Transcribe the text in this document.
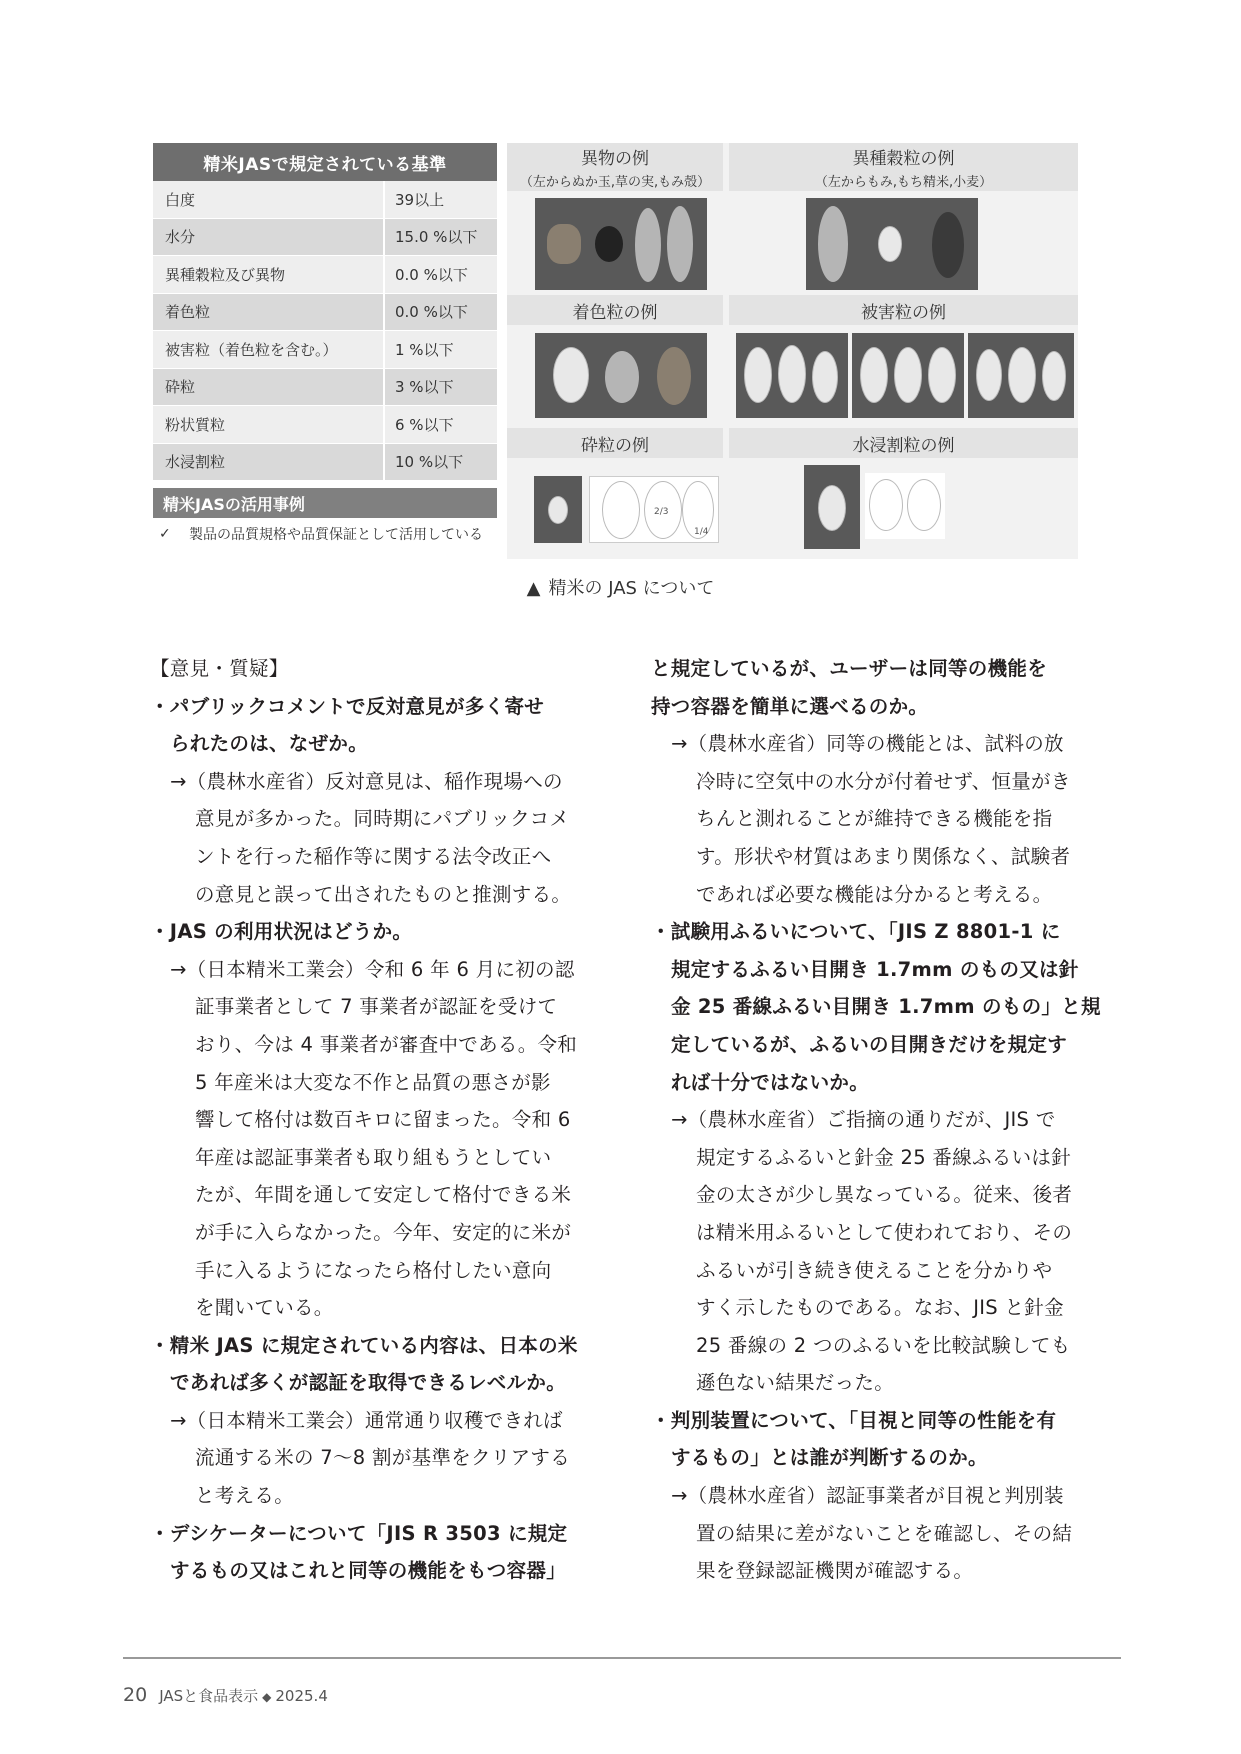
精米JASで規定されている基準
白度	39以上
水分	15.0 %以下
異種穀粒及び異物	0.0 %以下
着色粒	0.0 %以下
被害粒（着色粒を含む。）	1 %以下
砕粒	3 %以下
粉状質粒	6 %以下
水浸割粒	10 %以下
精米JASの活用事例
✓	製品の品質規格や品質保証として活用している
異物の例
（左からぬか玉,草の実,もみ殻）
異種穀粒の例
（左からもみ,もち精米,小麦）
着色粒の例	被害粒の例
砕粒の例	水浸割粒の例
2/3
1/4
▲ 精米の JAS について
【意見・質疑】
・パブリックコメントで反対意見が多く寄せ
られたのは、なぜか。
→（農林水産省）反対意見は、稲作現場への
意見が多かった。同時期にパブリックコメ
ントを行った稲作等に関する法令改正へ
の意見と誤って出されたものと推測する。
・JAS の利用状況はどうか。
→（日本精米工業会）令和 6 年 6 月に初の認
証事業者として 7 事業者が認証を受けて
おり、今は 4 事業者が審査中である。令和
5 年産米は大変な不作と品質の悪さが影
響して格付は数百キロに留まった。令和 6
年産は認証事業者も取り組もうとしてい
たが、年間を通して安定して格付できる米
が手に入らなかった。今年、安定的に米が
手に入るようになったら格付したい意向
を聞いている。
・精米 JAS に規定されている内容は、日本の米
であれば多くが認証を取得できるレベルか。
→（日本精米工業会）通常通り収穫できれば
流通する米の 7～8 割が基準をクリアする
と考える。
・デシケーターについて「JIS R 3503 に規定
するもの又はこれと同等の機能をもつ容器」
と規定しているが、ユーザーは同等の機能を
持つ容器を簡単に選べるのか。
→（農林水産省）同等の機能とは、試料の放
冷時に空気中の水分が付着せず、恒量がき
ちんと測れることが維持できる機能を指
す。形状や材質はあまり関係なく、試験者
であれば必要な機能は分かると考える。
・試験用ふるいについて、「JIS Z 8801-1 に
規定するふるい目開き 1.7mm のもの又は針
金 25 番線ふるい目開き 1.7mm のもの」と規
定しているが、ふるいの目開きだけを規定す
れば十分ではないか。
→（農林水産省）ご指摘の通りだが、JIS で
規定するふるいと針金 25 番線ふるいは針
金の太さが少し異なっている。従来、後者
は精米用ふるいとして使われており、その
ふるいが引き続き使えることを分かりや
すく示したものである。なお、JIS と針金
25 番線の 2 つのふるいを比較試験しても
遜色ない結果だった。
・判別装置について、「目視と同等の性能を有
するもの」とは誰が判断するのか。
→（農林水産省）認証事業者が目視と判別装
置の結果に差がないことを確認し、その結
果を登録認証機関が確認する。
20 JASと食品表示 ◆ 2025.4
